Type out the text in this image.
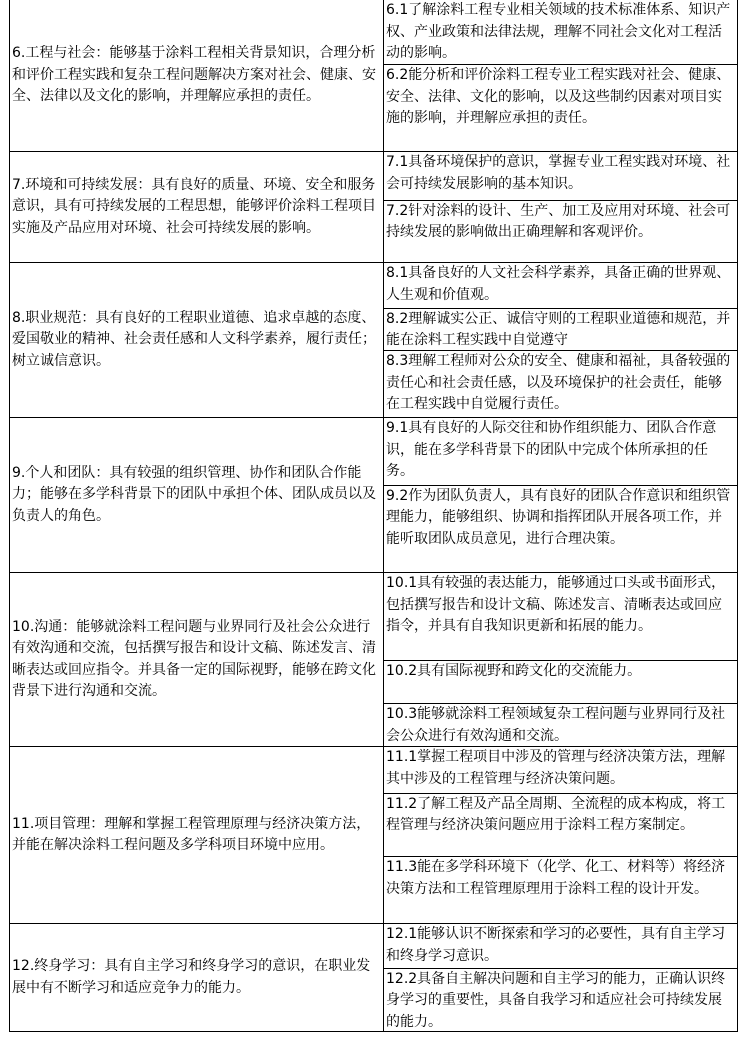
6.工程与社会：能够基于涂料工程相关背景知识，合理分析和评价工程实践和复杂工程问题解决方案对社会、健康、安全、法律以及文化的影响，并理解应承担的责任。
6.1了解涂料工程专业相关领域的技术标准体系、知识产权、产业政策和法律法规，理解不同社会文化对工程活动的影响。
6.2能分析和评价涂料工程专业工程实践对社会、健康、安全、法律、文化的影响，以及这些制约因素对项目实施的影响，并理解应承担的责任。
7.环境和可持续发展：具有良好的质量、环境、安全和服务意识，具有可持续发展的工程思想，能够评价涂料工程项目实施及产品应用对环境、社会可持续发展的影响。
7.1具备环境保护的意识，掌握专业工程实践对环境、社会可持续发展影响的基本知识。
7.2针对涂料的设计、生产、加工及应用对环境、社会可持续发展的影响做出正确理解和客观评价。
8.职业规范：具有良好的工程职业道德、追求卓越的态度、爱国敬业的精神、社会责任感和人文科学素养，履行责任；树立诚信意识。
8.1具备良好的人文社会科学素养，具备正确的世界观、人生观和价值观。
8.2理解诚实公正、诚信守则的工程职业道德和规范，并能在涂料工程实践中自觉遵守
8.3理解工程师对公众的安全、健康和福祉，具备较强的责任心和社会责任感，以及环境保护的社会责任，能够在工程实践中自觉履行责任。
9.个人和团队：具有较强的组织管理、协作和团队合作能力；能够在多学科背景下的团队中承担个体、团队成员以及负责人的角色。
9.1具有良好的人际交往和协作组织能力、团队合作意识，能在多学科背景下的团队中完成个体所承担的任务。
9.2作为团队负责人，具有良好的团队合作意识和组织管理能力，能够组织、协调和指挥团队开展各项工作，并能听取团队成员意见，进行合理决策。
10.沟通：能够就涂料工程问题与业界同行及社会公众进行有效沟通和交流，包括撰写报告和设计文稿、陈述发言、清晰表达或回应指令。并具备一定的国际视野，能够在跨文化背景下进行沟通和交流。
10.1具有较强的表达能力，能够通过口头或书面形式，包括撰写报告和设计文稿、陈述发言、清晰表达或回应指令，并具有自我知识更新和拓展的能力。
10.2具有国际视野和跨文化的交流能力。
10.3能够就涂料工程领域复杂工程问题与业界同行及社会公众进行有效沟通和交流。
11.项目管理：理解和掌握工程管理原理与经济决策方法，并能在解决涂料工程问题及多学科项目环境中应用。
11.1掌握工程项目中涉及的管理与经济决策方法，理解其中涉及的工程管理与经济决策问题。
11.2了解工程及产品全周期、全流程的成本构成，将工程管理与经济决策问题应用于涂料工程方案制定。
11.3能在多学科环境下（化学、化工、材料等）将经济决策方法和工程管理原理用于涂料工程的设计开发。
12.终身学习：具有自主学习和终身学习的意识，在职业发展中有不断学习和适应竞争力的能力。
12.1能够认识不断探索和学习的必要性，具有自主学习和终身学习意识。
12.2具备自主解决问题和自主学习的能力，正确认识终身学习的重要性，具备自我学习和适应社会可持续发展的能力。
